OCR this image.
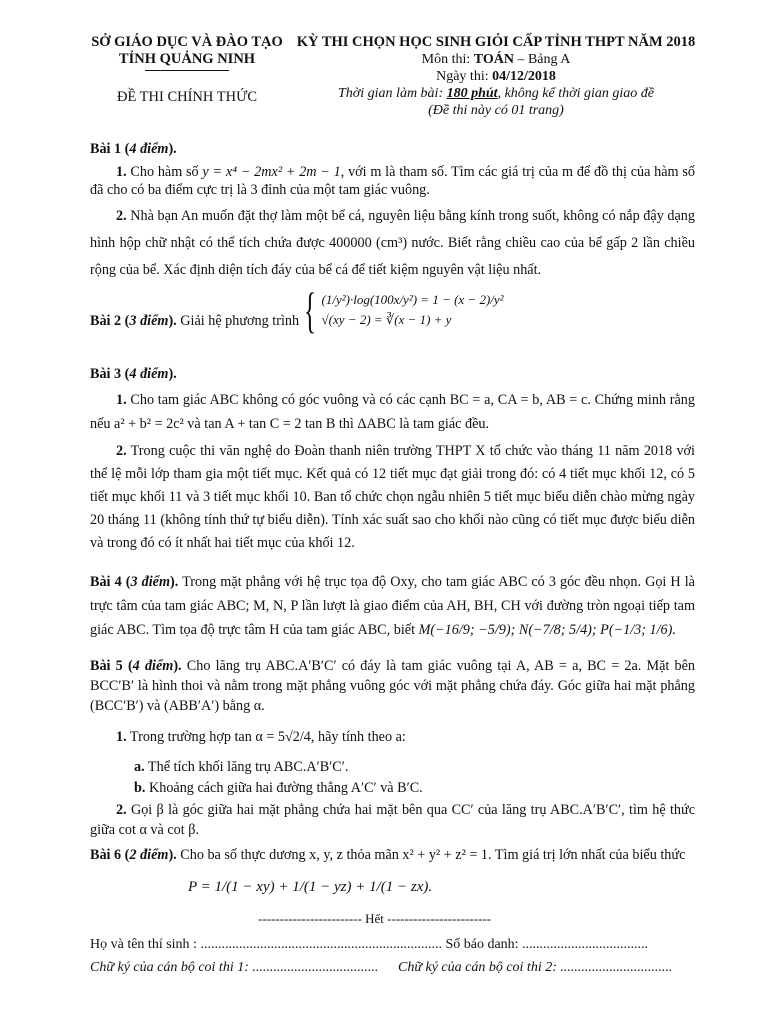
SỞ GIÁO DỤC VÀ ĐÀO TẠO
TỈNH QUẢNG NINH
ĐỀ THI CHÍNH THỨC
KỲ THI CHỌN HỌC SINH GIỎI CẤP TỈNH THPT NĂM 2018
Môn thi: TOÁN – Bảng A
Ngày thi: 04/12/2018
Thời gian làm bài: 180 phút, không kể thời gian giao đề
(Đề thi này có 01 trang)
Bài 1 (4 điểm).
1. Cho hàm số y = x⁴ − 2mx² + 2m − 1, với m là tham số. Tìm các giá trị của m để đồ thị của hàm số đã cho có ba điểm cực trị là 3 đỉnh của một tam giác vuông.
2. Nhà bạn An muốn đặt thợ làm một bể cá, nguyên liệu bằng kính trong suốt, không có nắp đậy dạng hình hộp chữ nhật có thể tích chứa được 400000 (cm³) nước. Biết rằng chiều cao của bể gấp 2 lần chiều rộng của bể. Xác định diện tích đáy của bể cá để tiết kiệm nguyên vật liệu nhất.
Bài 2 (3 điểm). Giải hệ phương trình { (1/y²)·log(100x/y²) = 1 − (x − 2)/y²
√(xy − 2) = ∛(x − 1) + y
Bài 3 (4 điểm).
1. Cho tam giác ABC không có góc vuông và có các cạnh BC = a, CA = b, AB = c. Chứng minh rằng nếu a² + b² = 2c² và tan A + tan C = 2 tan B thì ΔABC là tam giác đều.
2. Trong cuộc thi văn nghệ do Đoàn thanh niên trường THPT X tổ chức vào tháng 11 năm 2018 với thể lệ mỗi lớp tham gia một tiết mục. Kết quả có 12 tiết mục đạt giải trong đó: có 4 tiết mục khối 12, có 5 tiết mục khối 11 và 3 tiết mục khối 10. Ban tổ chức chọn ngẫu nhiên 5 tiết mục biểu diễn chào mừng ngày 20 tháng 11 (không tính thứ tự biểu diễn). Tính xác suất sao cho khối nào cũng có tiết mục được biểu diễn và trong đó có ít nhất hai tiết mục của khối 12.
Bài 4 (3 điểm). Trong mặt phẳng với hệ trục tọa độ Oxy, cho tam giác ABC có 3 góc đều nhọn. Gọi H là trực tâm của tam giác ABC; M, N, P lần lượt là giao điểm của AH, BH, CH với đường tròn ngoại tiếp tam giác ABC. Tìm tọa độ trực tâm H của tam giác ABC, biết M(−16/9; −5/9); N(−7/8; 5/4); P(−1/3; 1/6).
Bài 5 (4 điểm). Cho lăng trụ ABC.A′B′C′ có đáy là tam giác vuông tại A, AB = a, BC = 2a. Mặt bên BCC′B′ là hình thoi và nằm trong mặt phẳng vuông góc với mặt phẳng chứa đáy. Góc giữa hai mặt phẳng (BCC′B′) và (ABB′A′) bằng α.
1. Trong trường hợp tan α = 5√2/4, hãy tính theo a:
a. Thể tích khối lăng trụ ABC.A′B′C′.
b. Khoảng cách giữa hai đường thẳng A′C′ và B′C.
2. Gọi β là góc giữa hai mặt phẳng chứa hai mặt bên qua CC′ của lăng trụ ABC.A′B′C′, tìm hệ thức giữa cot α và cot β.
Bài 6 (2 điểm). Cho ba số thực dương x, y, z thỏa mãn x² + y² + z² = 1. Tìm giá trị lớn nhất của biểu thức
P = 1/(1 − xy) + 1/(1 − yz) + 1/(1 − zx).
------------------------ Hết ------------------------
Họ và tên thí sinh : ..................................................................... Số báo danh: ....................................
Chữ ký của cán bộ coi thi 1: ....................................	Chữ ký của cán bộ coi thi 2: ................................
